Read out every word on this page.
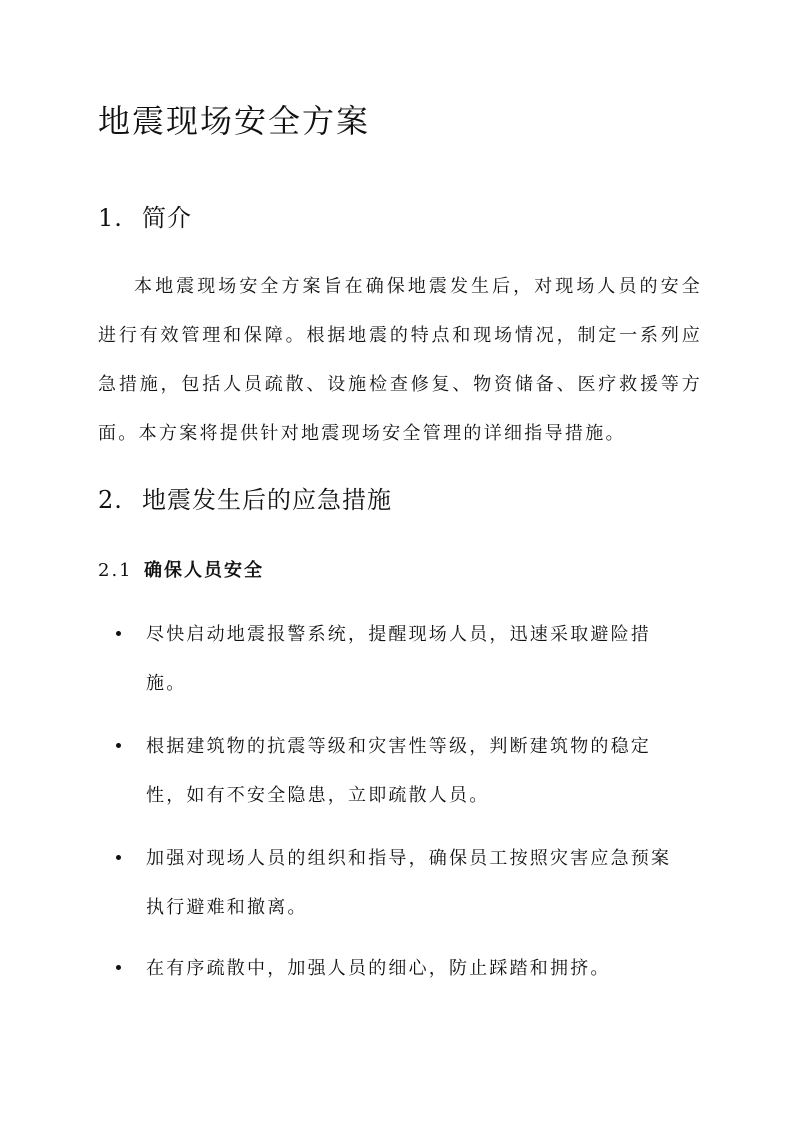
地震现场安全方案
1. 简介

本地震现场安全方案旨在确保地震发生后，对现场人员的安全进行有效管理和保障。根据地震的特点和现场情况，制定一系列应急措施，包括人员疏散、设施检查修复、物资储备、医疗救援等方面。本方案将提供针对地震现场安全管理的详细指导措施。

2. 地震发生后的应急措施
2.1 确保人员安全
尽快启动地震报警系统，提醒现场人员，迅速采取避险措施。
根据建筑物的抗震等级和灾害性等级，判断建筑物的稳定性，如有不安全隐患，立即疏散人员。
加强对现场人员的组织和指导，确保员工按照灾害应急预案执行避难和撤离。
在有序疏散中，加强人员的细心，防止踩踏和拥挤。
